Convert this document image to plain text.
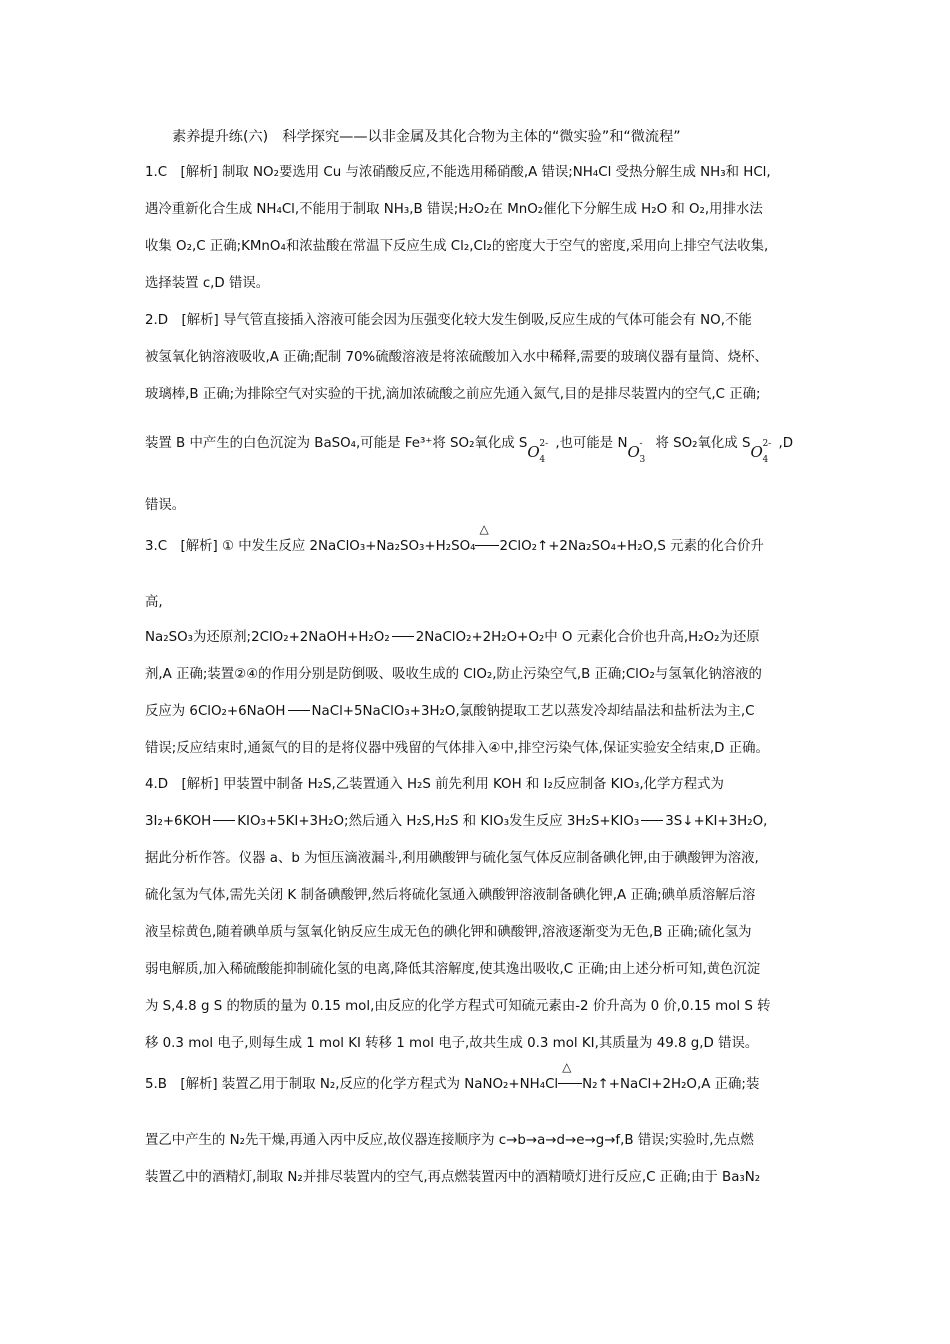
素养提升练(六)　科学探究——以非金属及其化合物为主体的“微实验”和“微流程”
1.C　[解析] 制取 NO₂要选用 Cu 与浓硝酸反应,不能选用稀硝酸,A 错误;NH₄Cl 受热分解生成 NH₃和 HCl,
遇冷重新化合生成 NH₄Cl,不能用于制取 NH₃,B 错误;H₂O₂在 MnO₂催化下分解生成 H₂O 和 O₂,用排水法
收集 O₂,C 正确;KMnO₄和浓盐酸在常温下反应生成 Cl₂,Cl₂的密度大于空气的密度,采用向上排空气法收集,
选择装置 c,D 错误。
2.D　[解析] 导气管直接插入溶液可能会因为压强变化较大发生倒吸,反应生成的气体可能会有 NO,不能
被氢氧化钠溶液吸收,A 正确;配制 70%硫酸溶液是将浓硫酸加入水中稀释,需要的玻璃仪器有量筒、烧杯、
玻璃棒,B 正确;为排除空气对实验的干扰,滴加浓硫酸之前应先通入氮气,目的是排尽装置内的空气,C 正确;
装置 B 中产生的白色沉淀为 BaSO₄,可能是 Fe³⁺将 SO₂氧化成 S O 2-
4
,也可能是 N O -
3
将 SO₂氧化成 S O 2-
4
,D
错误。
3.C　[解析] ① 中发生反应 2NaClO₃+Na₂SO₃+H₂SO₄
△
2ClO₂↑+2Na₂SO₄+H₂O,S 元素的化合价升
高,
Na₂SO₃为还原剂;2ClO₂+2NaOH+H₂O₂ 2NaClO₂+2H₂O+O₂中 O 元素化合价也升高,H₂O₂为还原
剂,A 正确;装置②④的作用分别是防倒吸、吸收生成的 ClO₂,防止污染空气,B 正确;ClO₂与氢氧化钠溶液的
反应为 6ClO₂+6NaOH NaCl+5NaClO₃+3H₂O,氯酸钠提取工艺以蒸发冷却结晶法和盐析法为主,C
错误;反应结束时,通氮气的目的是将仪器中残留的气体排入④中,排空污染气体,保证实验安全结束,D 正确。
4.D　[解析] 甲装置中制备 H₂S,乙装置通入 H₂S 前先利用 KOH 和 I₂反应制备 KIO₃,化学方程式为
3I₂+6KOH KIO₃+5KI+3H₂O;然后通入 H₂S,H₂S 和 KIO₃发生反应 3H₂S+KIO₃ 3S↓+KI+3H₂O,
据此分析作答。仪器 a、b 为恒压滴液漏斗,利用碘酸钾与硫化氢气体反应制备碘化钾,由于碘酸钾为溶液,
硫化氢为气体,需先关闭 K 制备碘酸钾,然后将硫化氢通入碘酸钾溶液制备碘化钾,A 正确;碘单质溶解后溶
液呈棕黄色,随着碘单质与氢氧化钠反应生成无色的碘化钾和碘酸钾,溶液逐渐变为无色,B 正确;硫化氢为
弱电解质,加入稀硫酸能抑制硫化氢的电离,降低其溶解度,使其逸出吸收,C 正确;由上述分析可知,黄色沉淀
为 S,4.8 g S 的物质的量为 0.15 mol,由反应的化学方程式可知硫元素由-2 价升高为 0 价,0.15 mol S 转
移 0.3 mol 电子,则每生成 1 mol KI 转移 1 mol 电子,故共生成 0.3 mol KI,其质量为 49.8 g,D 错误。
5.B　[解析] 装置乙用于制取 N₂,反应的化学方程式为 NaNO₂+NH₄Cl
△
N₂↑+NaCl+2H₂O,A 正确;装
置乙中产生的 N₂先干燥,再通入丙中反应,故仪器连接顺序为 c→b→a→d→e→g→f,B 错误;实验时,先点燃
装置乙中的酒精灯,制取 N₂并排尽装置内的空气,再点燃装置丙中的酒精喷灯进行反应,C 正确;由于 Ba₃N₂
